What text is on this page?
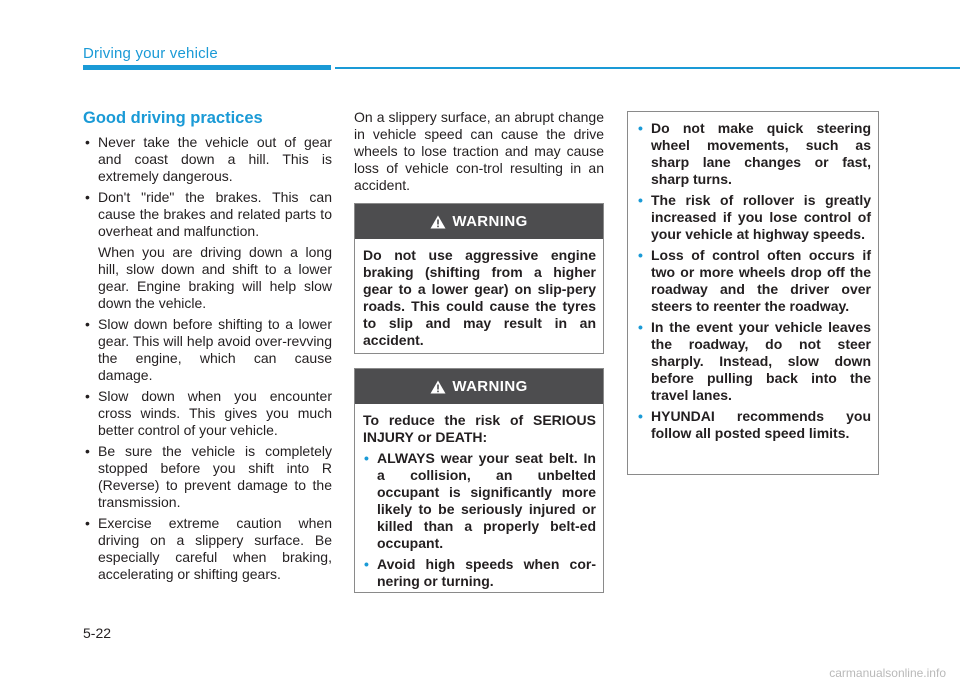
Driving your vehicle
Good driving practices
• Never take the vehicle out of gear and coast down a hill. This is extremely dangerous.
• Don't "ride" the brakes. This can cause the brakes and related parts to overheat and malfunction.
When you are driving down a long hill, slow down and shift to a lower gear. Engine braking will help slow down the vehicle.
• Slow down before shifting to a lower gear. This will help avoid over-revving the engine, which can cause damage.
• Slow down when you encounter cross winds. This gives you much better control of your vehicle.
• Be sure the vehicle is completely stopped before you shift into R (Reverse) to prevent damage to the transmission.
• Exercise extreme caution when driving on a slippery surface. Be especially careful when braking, accelerating or shifting gears.
On a slippery surface, an abrupt change in vehicle speed can cause the drive wheels to lose traction and may cause loss of vehicle con-trol resulting in an accident.
WARNING
Do not use aggressive engine braking (shifting from a higher gear to a lower gear) on slip-pery roads. This could cause the tyres to slip and may result in an accident.
WARNING
To reduce the risk of SERIOUS INJURY or DEATH:
• ALWAYS wear your seat belt. In a collision, an unbelted occupant is significantly more likely to be seriously injured or killed than a properly belt-ed occupant.
• Avoid high speeds when cor-nering or turning.
• Do not make quick steering wheel movements, such as sharp lane changes or fast, sharp turns.
• The risk of rollover is greatly increased if you lose control of your vehicle at highway speeds.
• Loss of control often occurs if two or more wheels drop off the roadway and the driver over steers to reenter the roadway.
• In the event your vehicle leaves the roadway, do not steer sharply. Instead, slow down before pulling back into the travel lanes.
• HYUNDAI recommends you follow all posted speed limits.
5-22
carmanualsonline.info
